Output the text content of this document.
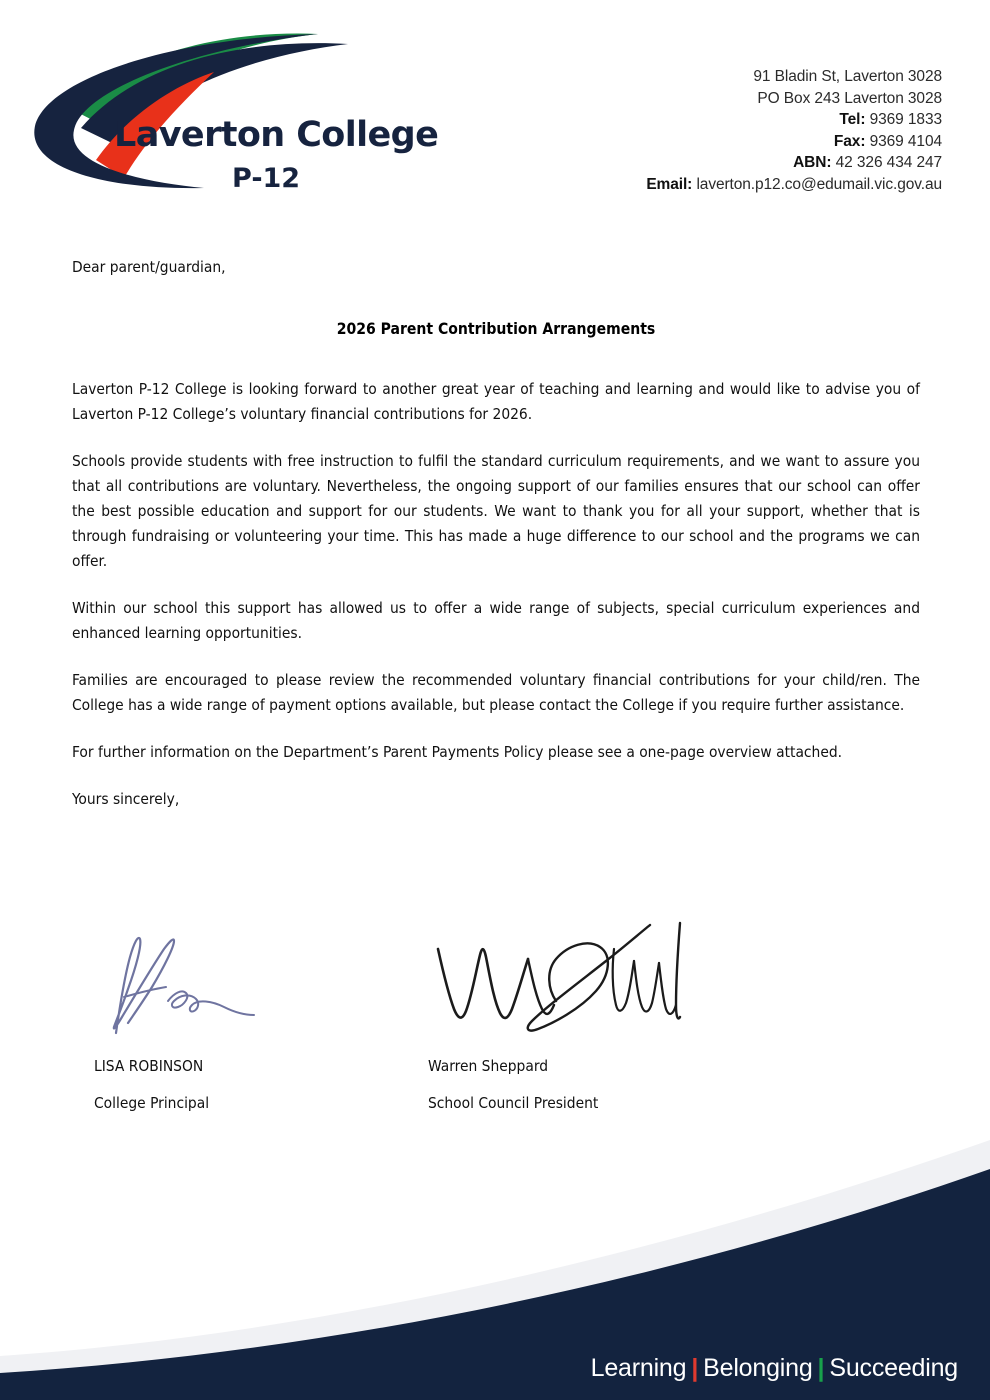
Laverton College
P-12
91 Bladin St, Laverton 3028
PO Box 243 Laverton 3028
Tel: 9369 1833
Fax: 9369 4104
ABN: 42 326 434 247
Email: laverton.p12.co@edumail.vic.gov.au

Dear parent/guardian,

2026 Parent Contribution Arrangements

Laverton P-12 College is looking forward to another great year of teaching and learning and would like to advise you of Laverton P-12 College’s voluntary financial contributions for 2026.

Schools provide students with free instruction to fulfil the standard curriculum requirements, and we want to assure you that all contributions are voluntary. Nevertheless, the ongoing support of our families ensures that our school can offer the best possible education and support for our students. We want to thank you for all your support, whether that is through fundraising or volunteering your time. This has made a huge difference to our school and the programs we can offer.

Within our school this support has allowed us to offer a wide range of subjects, special curriculum experiences and enhanced learning opportunities.

Families are encouraged to please review the recommended voluntary financial contributions for your child/ren. The College has a wide range of payment options available, but please contact the College if you require further assistance.

For further information on the Department’s Parent Payments Policy please see a one-page overview attached.

Yours sincerely,

LISA ROBINSON
College Principal
Warren Sheppard
School Council President
Learning | Belonging | Succeeding
